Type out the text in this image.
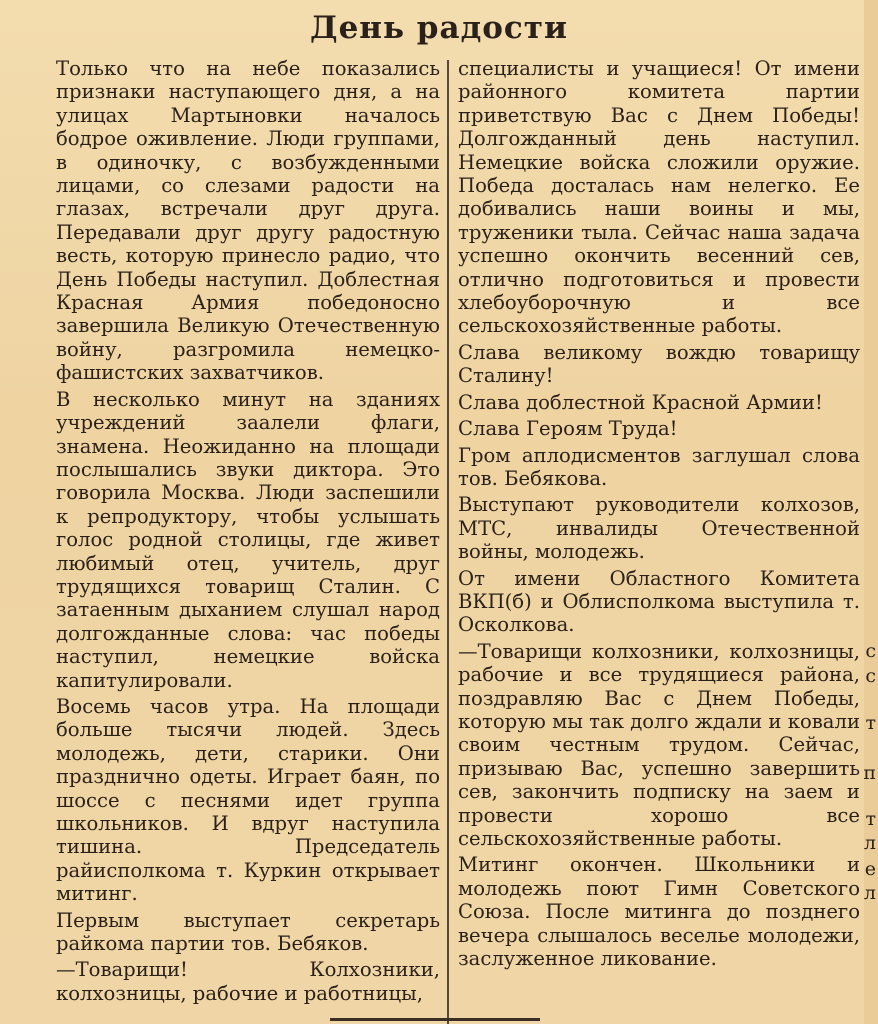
День радости

Только что на небе показались признаки наступающего дня, а на улицах Мартыновки началось бодрое оживление. Люди группами, в одиночку, с возбужденными лицами, со слезами радости на глазах, встречали друг друга. Передавали друг другу радостную весть, которую принесло радио, что День Победы наступил. Доблестная Красная Армия победоносно завершила Великую Отечественную войну, разгромила немецко-фашистских захватчиков.

В несколько минут на зданиях учреждений заалели флаги, знамена. Неожиданно на площади послышались звуки диктора. Это говорила Москва. Люди заспешили к репродуктору, чтобы услышать голос родной столицы, где живет любимый отец, учитель, друг трудящихся товарищ Сталин. С затаенным дыханием слушал народ долгожданные слова: час победы наступил, немецкие войска капитулировали.

Восемь часов утра. На площади больше тысячи людей. Здесь молодежь, дети, старики. Они празднично одеты. Играет баян, по шоссе с песнями идет группа школьников. И вдруг наступила тишина. Председатель райисполкома т. Куркин открывает митинг.

Первым выступает секретарь райкома партии тов. Бебяков.

—Товарищи! Колхозники, колхозницы, рабочие и работницы,

специалисты и учащиеся! От имени районного комитета партии приветствую Вас с Днем Победы! Долгожданный день наступил. Немецкие войска сложили оружие. Победа досталась нам нелегко. Ее добивались наши воины и мы, труженики тыла. Сейчас наша задача успешно окончить весенний сев, отлично подготовиться и провести хлебоуборочную и все сельскохозяйственные работы.

Слава великому вождю товарищу Сталину!

Слава доблестной Красной Армии!

Слава Героям Труда!

Гром аплодисментов заглушал слова тов. Бебякова.

Выступают руководители колхозов, МТС, инвалиды Отечественной войны, молодежь.

От имени Областного Комитета ВКП(б) и Облисполкома выступила т. Осколкова.

—Товарищи колхозники, колхозницы, рабочие и все трудящиеся района, поздравляю Вас с Днем Победы, которую мы так долго ждали и ковали своим честным трудом. Сейчас, призываю Вас, успешно завершить сев, закончить подписку на заем и провести хорошо все сельскохозяйственные работы.

Митинг окончен. Школьники и молодежь поют Гимн Советского Союза. После митинга до позднего вечера слышалось веселье молодежи, заслуженное ликование.

с
с
т
п
т
л
е
л
